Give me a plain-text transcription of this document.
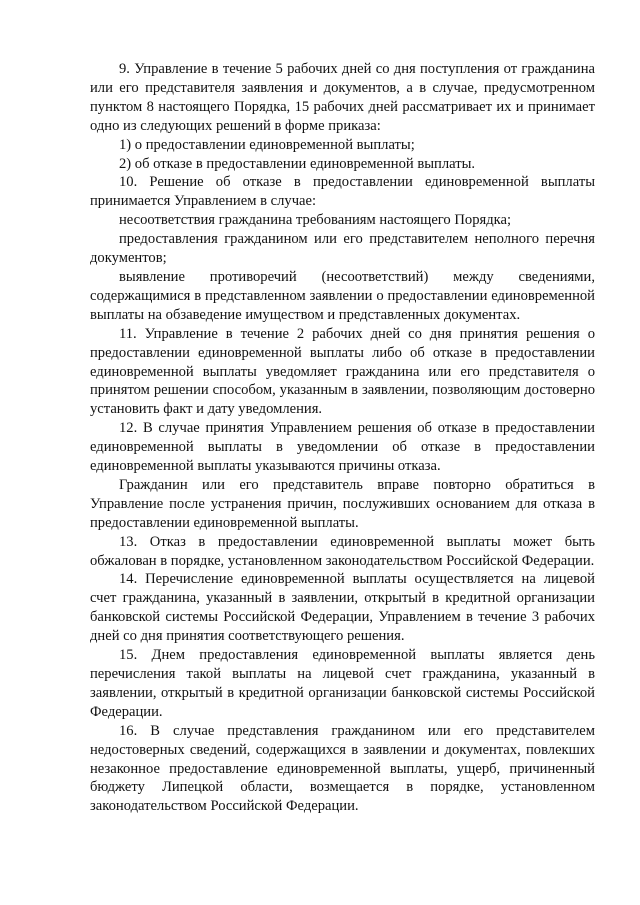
9. Управление в течение 5 рабочих дней со дня поступления от гражданина или его представителя заявления и документов, а в случае, предусмотренном пунктом 8 настоящего Порядка, 15 рабочих дней рассматривает их и принимает одно из следующих решений в форме приказа:

1) о предоставлении единовременной выплаты;

2) об отказе в предоставлении единовременной выплаты.

10. Решение об отказе в предоставлении единовременной выплаты принимается Управлением в случае:

несоответствия гражданина требованиям настоящего Порядка;

предоставления гражданином или его представителем неполного перечня документов;

выявление противоречий (несоответствий) между сведениями, содержащимися в представленном заявлении о предоставлении единовременной выплаты на обзаведение имуществом и представленных документах.

11. Управление в течение 2 рабочих дней со дня принятия решения о предоставлении единовременной выплаты либо об отказе в предоставлении единовременной выплаты уведомляет гражданина или его представителя о принятом решении способом, указанным в заявлении, позволяющим достоверно установить факт и дату уведомления.

12. В случае принятия Управлением решения об отказе в предоставлении единовременной выплаты в уведомлении об отказе в предоставлении единовременной выплаты указываются причины отказа.

Гражданин или его представитель вправе повторно обратиться в Управление после устранения причин, послуживших основанием для отказа в предоставлении единовременной выплаты.

13. Отказ в предоставлении единовременной выплаты может быть обжалован в порядке, установленном законодательством Российской Федерации.

14. Перечисление единовременной выплаты осуществляется на лицевой счет гражданина, указанный в заявлении, открытый в кредитной организации банковской системы Российской Федерации, Управлением в течение 3 рабочих дней со дня принятия соответствующего решения.

15. Днем предоставления единовременной выплаты является день перечисления такой выплаты на лицевой счет гражданина, указанный в заявлении, открытый в кредитной организации банковской системы Российской Федерации.

16. В случае представления гражданином или его представителем недостоверных сведений, содержащихся в заявлении и документах, повлекших незаконное предоставление единовременной выплаты, ущерб, причиненный бюджету Липецкой области, возмещается в порядке, установленном законодательством Российской Федерации.
